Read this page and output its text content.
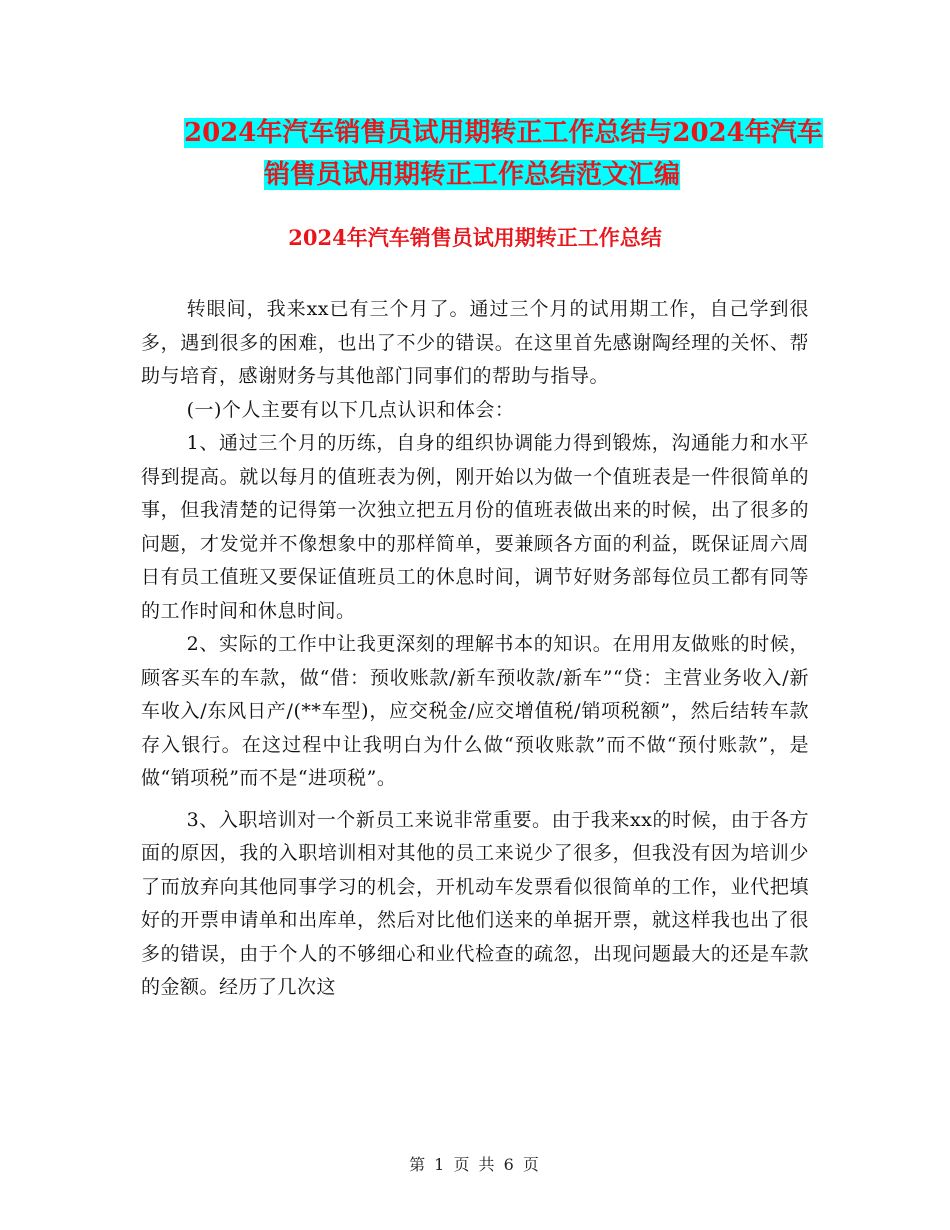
2024年汽车销售员试用期转正工作总结与2024年汽车
销售员试用期转正工作总结范文汇编
2024年汽车销售员试用期转正工作总结

转眼间，我来xx已有三个月了。通过三个月的试用期工作，自己学到很多，遇到很多的困难，也出了不少的错误。在这里首先感谢陶经理的关怀、帮助与培育，感谢财务与其他部门同事们的帮助与指导。

(一)个人主要有以下几点认识和体会：

1、通过三个月的历练，自身的组织协调能力得到锻炼，沟通能力和水平得到提高。就以每月的值班表为例，刚开始以为做一个值班表是一件很简单的事，但我清楚的记得第一次独立把五月份的值班表做出来的时候，出了很多的问题，才发觉并不像想象中的那样简单，要兼顾各方面的利益，既保证周六周日有员工值班又要保证值班员工的休息时间，调节好财务部每位员工都有同等的工作时间和休息时间。

2、实际的工作中让我更深刻的理解书本的知识。在用用友做账的时候，顾客买车的车款，做“借：预收账款/新车预收款/新车”“贷：主营业务收入/新车收入/东风日产/(**车型)，应交税金/应交增值税/销项税额”，然后结转车款存入银行。在这过程中让我明白为什么做“预收账款”而不做“预付账款”，是做“销项税”而不是“进项税”。

3、入职培训对一个新员工来说非常重要。由于我来xx的时候，由于各方面的原因，我的入职培训相对其他的员工来说少了很多，但我没有因为培训少了而放弃向其他同事学习的机会，开机动车发票看似很简单的工作，业代把填好的开票申请单和出库单，然后对比他们送来的单据开票，就这样我也出了很多的错误，由于个人的不够细心和业代检查的疏忽，出现问题最大的还是车款的金额。经历了几次这

第 1 页 共 6 页
